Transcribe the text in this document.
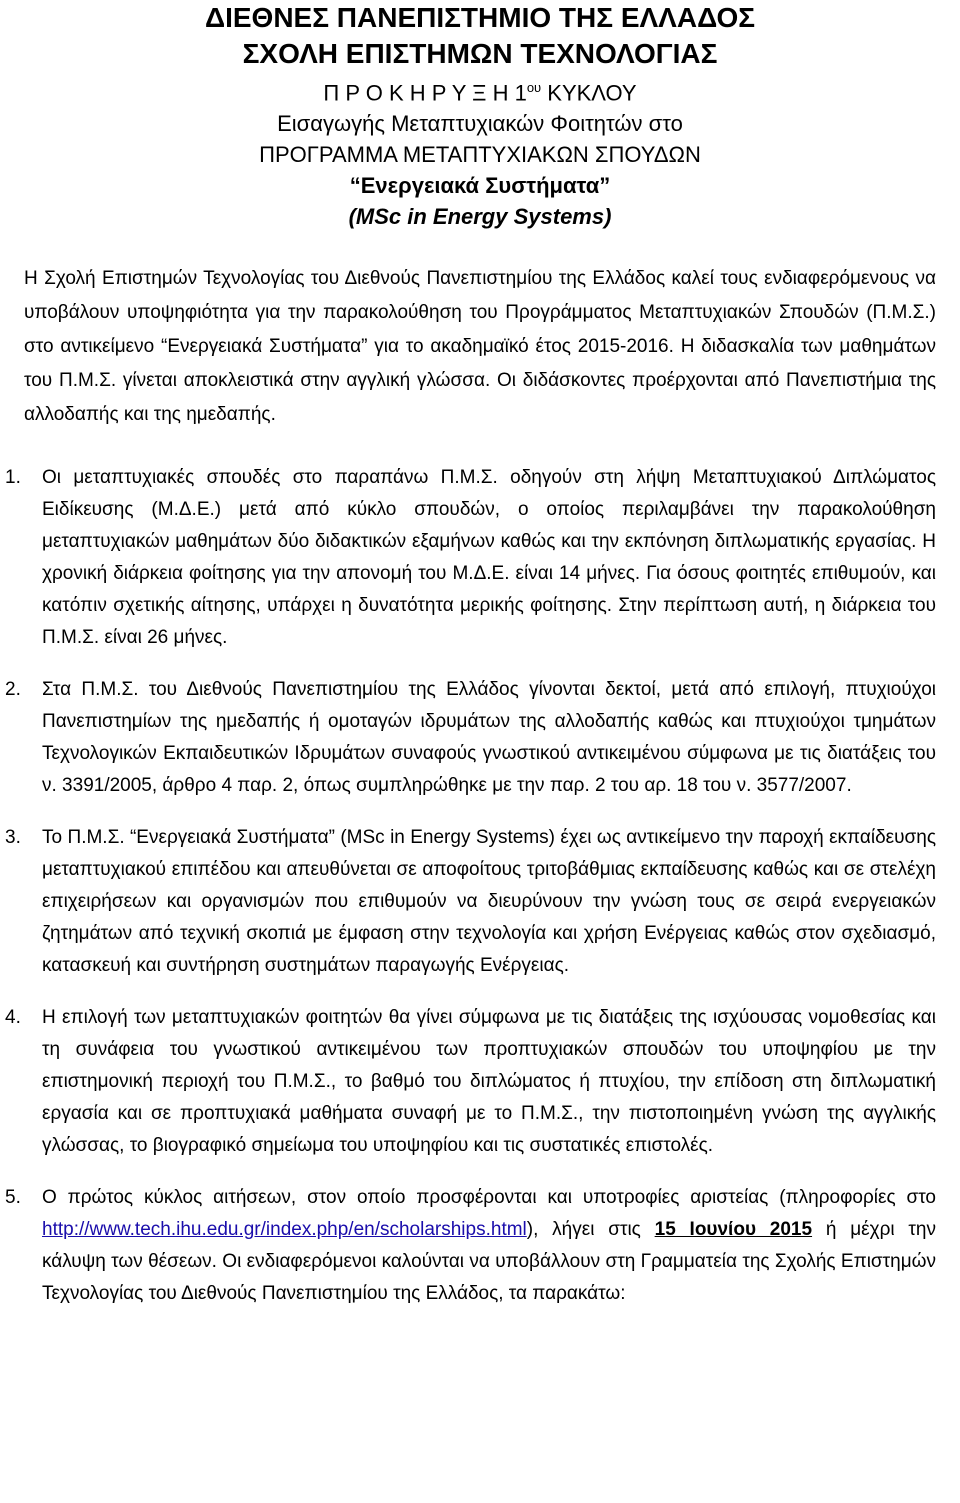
ΔΙΕΘΝΕΣ ΠΑΝΕΠΙΣΤΗΜΙΟ ΤΗΣ ΕΛΛΑΔΟΣ
ΣΧΟΛΗ ΕΠΙΣΤΗΜΩΝ ΤΕΧΝΟΛΟΓΙΑΣ
Π Ρ Ο Κ Η Ρ Υ Ξ Η $1^{o\upsilon}$ ΚΥΚΛΟΥ
Εισαγωγής Μεταπτυχιακών Φοιτητών στο
ΠΡΟΓΡΑΜΜΑ ΜΕΤΑΠΤΥΧΙΑΚΩΝ ΣΠΟΥΔΩΝ
“Ενεργειακά Συστήματα”
(MSc in Energy Systems)
Η Σχολή Επιστημών Τεχνολογίας του Διεθνούς Πανεπιστημίου της Ελλάδος καλεί τους ενδιαφερόμενους να υποβάλουν υποψηφιότητα για την παρακολούθηση του Προγράμματος Μεταπτυχιακών Σπουδών (Π.Μ.Σ.) στο αντικείμενο “Ενεργειακά Συστήματα” για το ακαδημαϊκό έτος 2015-2016. Η διδασκαλία των μαθημάτων του Π.Μ.Σ. γίνεται αποκλειστικά στην αγγλική γλώσσα. Οι διδάσκοντες προέρχονται από Πανεπιστήμια της αλλοδαπής και της ημεδαπής.
1. Οι μεταπτυχιακές σπουδές στο παραπάνω Π.Μ.Σ. οδηγούν στη λήψη Μεταπτυχιακού Διπλώματος Ειδίκευσης (Μ.Δ.Ε.) μετά από κύκλο σπουδών, ο οποίος περιλαμβάνει την παρακολούθηση μεταπτυχιακών μαθημάτων δύο διδακτικών εξαμήνων καθώς και την εκπόνηση διπλωματικής εργασίας. Η χρονική διάρκεια φοίτησης για την απονομή του Μ.Δ.Ε. είναι 14 μήνες. Για όσους φοιτητές επιθυμούν, και κατόπιν σχετικής αίτησης, υπάρχει η δυνατότητα μερικής φοίτησης. Στην περίπτωση αυτή, η διάρκεια του Π.Μ.Σ. είναι 26 μήνες.
2. Στα Π.Μ.Σ. του Διεθνούς Πανεπιστημίου της Ελλάδος γίνονται δεκτοί, μετά από επιλογή, πτυχιούχοι Πανεπιστημίων της ημεδαπής ή ομοταγών ιδρυμάτων της αλλοδαπής καθώς και πτυχιούχοι τμημάτων Τεχνολογικών Εκπαιδευτικών Ιδρυμάτων συναφούς γνωστικού αντικειμένου σύμφωνα με τις διατάξεις του ν. 3391/2005, άρθρο 4 παρ. 2, όπως συμπληρώθηκε με την παρ. 2 του αρ. 18 του ν. 3577/2007.
3. Το Π.Μ.Σ. “Ενεργειακά Συστήματα” (MSc in Energy Systems) έχει ως αντικείμενο την παροχή εκπαίδευσης μεταπτυχιακού επιπέδου και απευθύνεται σε αποφοίτους τριτοβάθμιας εκπαίδευσης καθώς και σε στελέχη επιχειρήσεων και οργανισμών που επιθυμούν να διευρύνουν την γνώση τους σε σειρά ενεργειακών ζητημάτων από τεχνική σκοπιά με έμφαση στην τεχνολογία και χρήση Ενέργειας καθώς στον σχεδιασμό, κατασκευή και συντήρηση συστημάτων παραγωγής Ενέργειας.
4. Η επιλογή των μεταπτυχιακών φοιτητών θα γίνει σύμφωνα με τις διατάξεις της ισχύουσας νομοθεσίας και τη συνάφεια του γνωστικού αντικειμένου των προπτυχιακών σπουδών του υποψηφίου με την επιστημονική περιοχή του Π.Μ.Σ., το βαθμό του διπλώματος ή πτυχίου, την επίδοση στη διπλωματική εργασία και σε προπτυχιακά μαθήματα συναφή με το Π.Μ.Σ., την πιστοποιημένη γνώση της αγγλικής γλώσσας, το βιογραφικό σημείωμα του υποψηφίου και τις συστατικές επιστολές.
5. Ο πρώτος κύκλος αιτήσεων, στον οποίο προσφέρονται και υποτροφίες αριστείας (πληροφορίες στο http://www.tech.ihu.edu.gr/index.php/en/scholarships.html), λήγει στις 15 Ιουνίου 2015 ή μέχρι την κάλυψη των θέσεων. Οι ενδιαφερόμενοι καλούνται να υποβάλλουν στη Γραμματεία της Σχολής Επιστημών Τεχνολογίας του Διεθνούς Πανεπιστημίου της Ελλάδος, τα παρακάτω:
